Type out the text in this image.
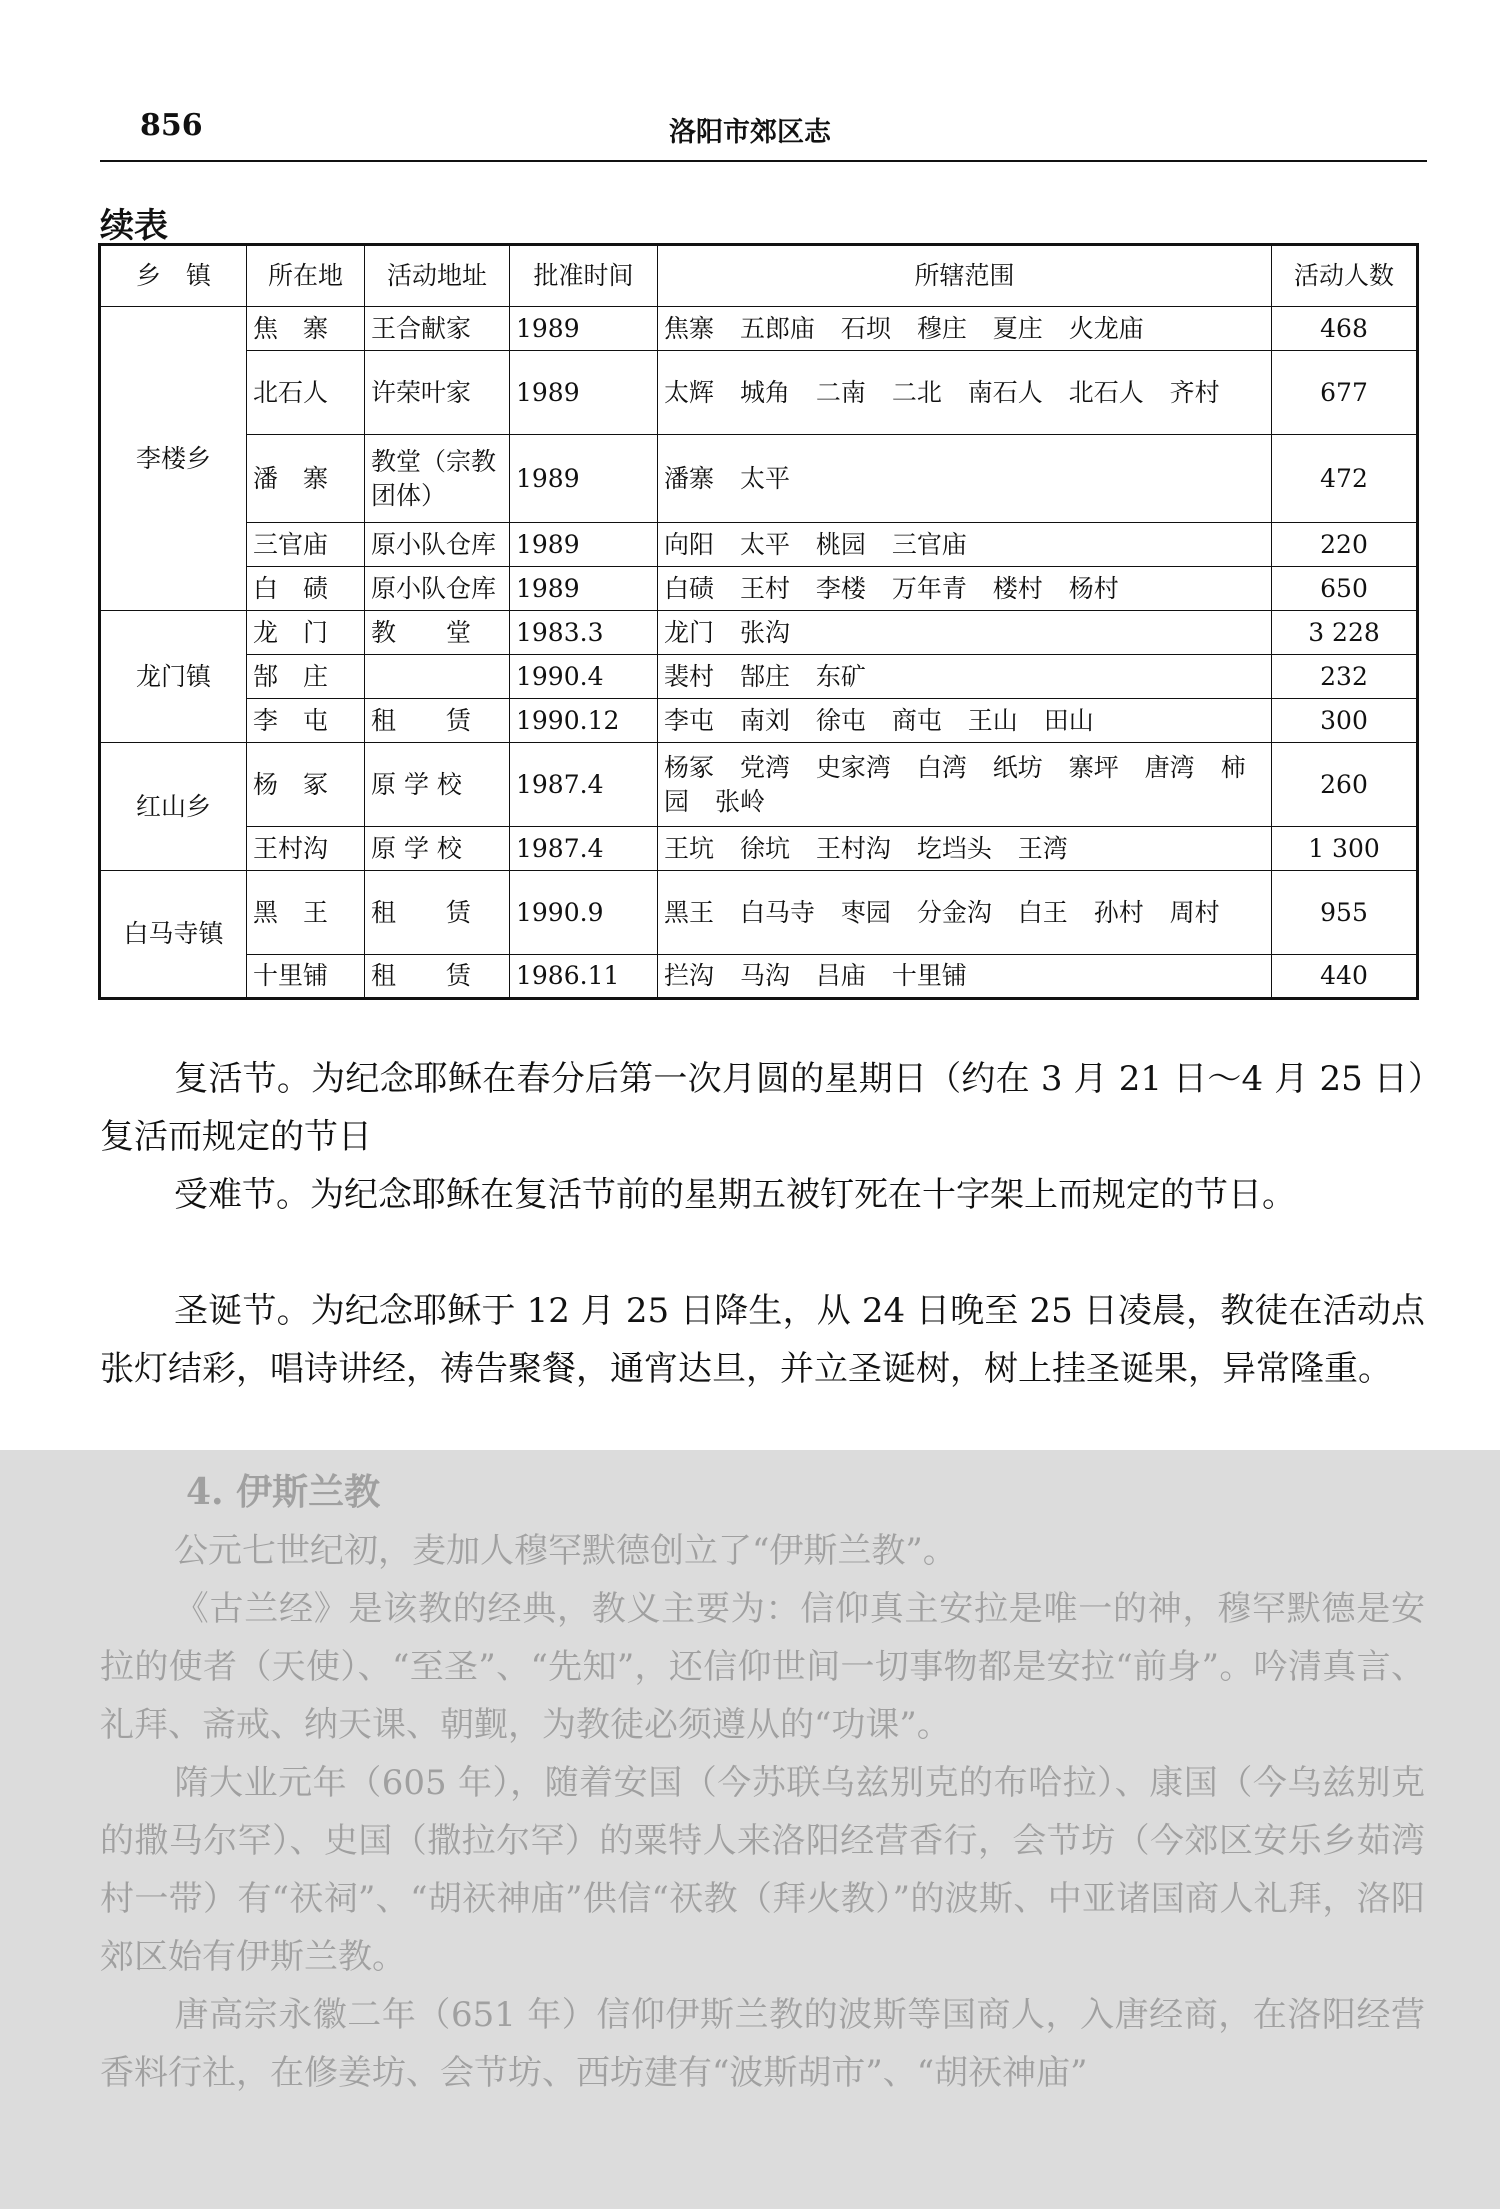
856	洛阳市郊区志
续表
乡　镇	所在地	活动地址	批准时间	所辖范围	活动人数
李楼乡	焦　寨	王合献家	1989	焦寨 五郎庙 石坝 穆庄 夏庄 火龙庙	468
	北石人	许荣叶家	1989	太辉 城角 二南 二北 南石人 北石人 齐村	677
	潘　寨	教堂（宗教团体）	1989	潘寨 太平	472
	三官庙	原小队仓库	1989	向阳 太平 桃园 三官庙	220
	白　碛	原小队仓库	1989	白碛 王村 李楼 万年青 楼村 杨村	650
龙门镇	龙　门	教　　堂	1983.3	龙门 张沟	3 228
	郜　庄		1990.4	裴村 郜庄 东矿	232
	李　屯	租　　赁	1990.12	李屯 南刘 徐屯 商屯 王山 田山	300
红山乡	杨　冢	原 学 校	1987.4	杨冢 党湾 史家湾 白湾 纸坊 寨坪 唐湾 柿园 张岭	260
	王村沟	原 学 校	1987.4	王坑 徐坑 王村沟 圪垱头 王湾	1 300
白马寺镇	黑　王	租　　赁	1990.9	黑王 白马寺 枣园 分金沟 白王 孙村 周村	955
	十里铺	租　　赁	1986.11	拦沟 马沟 吕庙 十里铺	440

复活节。为纪念耶稣在春分后第一次月圆的星期日（约在 3 月 21 日～4 月 25 日）复活而规定的节日

受难节。为纪念耶稣在复活节前的星期五被钉死在十字架上而规定的节日。

圣诞节。为纪念耶稣于 12 月 25 日降生，从 24 日晚至 25 日凌晨，教徒在活动点张灯结彩，唱诗讲经，祷告聚餐，通宵达旦，并立圣诞树，树上挂圣诞果，异常隆重。

4. 伊斯兰教

公元七世纪初，麦加人穆罕默德创立了“伊斯兰教”。

《古兰经》是该教的经典，教义主要为：信仰真主安拉是唯一的神，穆罕默德是安拉的使者（天使）、“至圣”、“先知”，还信仰世间一切事物都是安拉“前身”。吟清真言、礼拜、斋戒、纳天课、朝觐，为教徒必须遵从的“功课”。

隋大业元年（605 年），随着安国（今苏联乌兹别克的布哈拉）、康国（今乌兹别克的撒马尔罕）、史国（撒拉尔罕）的粟特人来洛阳经营香行，会节坊（今郊区安乐乡茹湾村一带）有“祆祠”、“胡祆神庙”供信“祆教（拜火教）”的波斯、中亚诸国商人礼拜，洛阳郊区始有伊斯兰教。

唐高宗永徽二年（651 年）信仰伊斯兰教的波斯等国商人，入唐经商，在洛阳经营香料行社，在修姜坊、会节坊、西坊建有“波斯胡市”、“胡祆神庙”
